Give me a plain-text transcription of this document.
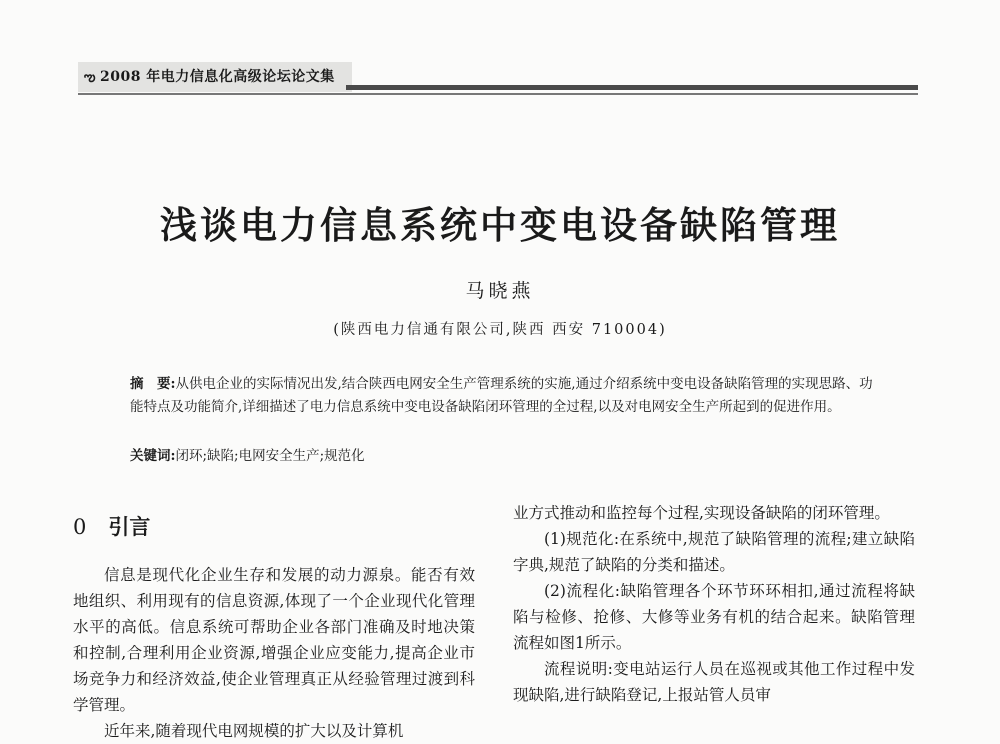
ఌ 2008 年电力信息化高级论坛论文集
浅谈电力信息系统中变电设备缺陷管理
马晓燕
(陕西电力信通有限公司,陕西 西安 710004)
摘　要:从供电企业的实际情况出发,结合陕西电网安全生产管理系统的实施,通过介绍系统中变电设备缺陷管理的实现思路、功能特点及功能简介,详细描述了电力信息系统中变电设备缺陷闭环管理的全过程,以及对电网安全生产所起到的促进作用。
关键词:闭环;缺陷;电网安全生产;规范化
0 引言

信息是现代化企业生存和发展的动力源泉。能否有效地组织、利用现有的信息资源,体现了一个企业现代化管理水平的高低。信息系统可帮助企业各部门准确及时地决策和控制,合理利用企业资源,增强企业应变能力,提高企业市场竞争力和经济效益,使企业管理真正从经验管理过渡到科学管理。

近年来,随着现代电网规模的扩大以及计算机

业方式推动和监控每个过程,实现设备缺陷的闭环管理。

(1)规范化:在系统中,规范了缺陷管理的流程;建立缺陷字典,规范了缺陷的分类和描述。

(2)流程化:缺陷管理各个环节环环相扣,通过流程将缺陷与检修、抢修、大修等业务有机的结合起来。缺陷管理流程如图1所示。

流程说明:变电站运行人员在巡视或其他工作过程中发现缺陷,进行缺陷登记,上报站管人员审
